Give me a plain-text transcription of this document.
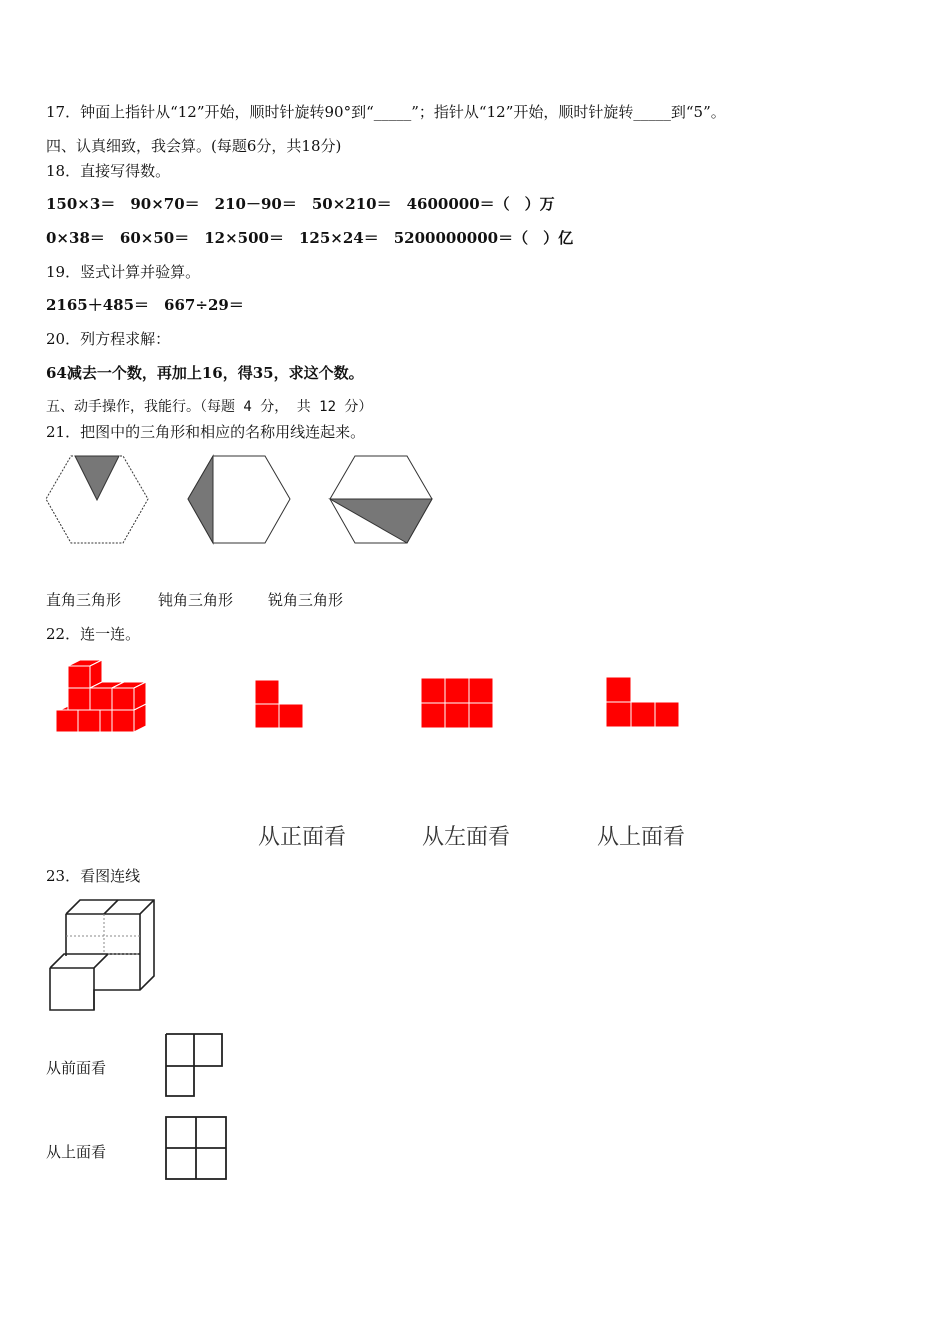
17．钟面上指针从“12”开始，顺时针旋转90°到“_____”；指针从“12”开始，顺时针旋转_____到“5”。
四、认真细致，我会算。(每题6分，共18分)
18．直接写得数。
150×3＝　90×70＝　210－90＝　50×210＝　4600000＝（　）万
0×38＝　60×50＝　12×500＝　125×24＝　5200000000＝（　）亿
19．竖式计算并验算。
2165＋485＝　667÷29＝
20．列方程求解：
64减去一个数，再加上16，得35，求这个数。
五、动手操作，我能行。（每题 4 分， 共 12 分）
21．把图中的三角形和相应的名称用线连起来。
直角三角形 钝角三角形 锐角三角形
22．连一连。
从正面看	从左面看	从上面看
23．看图连线
从前面看
从上面看
